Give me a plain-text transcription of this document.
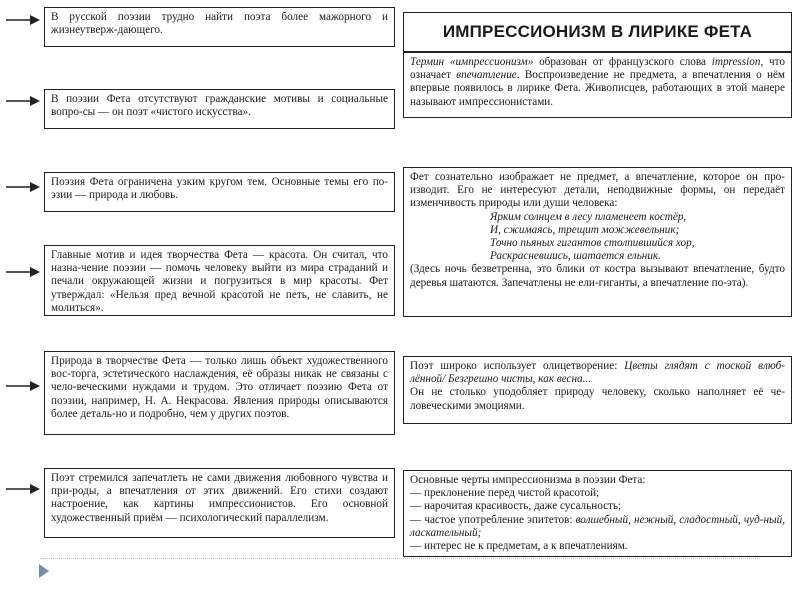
В русской поэзии трудно найти поэта более мажорного и жизнеутверж-дающего.
В поэзии Фета отсутствуют гражданские мотивы и социальные вопро-сы — он поэт «чистого искусства».
Поэзия Фета ограничена узким кругом тем. Основные темы его по-эзии — природа и любовь.
Главные мотив и идея творчества Фета — красота. Он считал, что назна-чение поэзии — помочь человеку выйти из мира страданий и печали окружающей жизни и погрузиться в мир красоты. Фет утверждал: «Нельзя пред вечной красотой не петь, не славить, не молиться».
Природа в творчестве Фета — только лишь объект художественного вос-торга, эстетического наслаждения, её образы никак не связаны с чело-веческими нуждами и трудом. Это отличает поэзию Фета от поэзии, например, Н. А. Некрасова. Явления природы описываются более деталь-но и подробно, чем у других поэтов.
Поэт стремился запечатлеть не сами движения любовного чувства и при-роды, а впечатления от этих движений. Его стихи создают настроение, как картины импрессионистов. Его основной художественный приём — психологический параллелизм.
ИМПРЕССИОНИЗМ В ЛИРИКЕ ФЕТА
Термин «импрессионизм» образован от французского слова impression, что означает впечатление. Воспроизведение не предмета, а впечатления о нём впервые появилось в лирике Фета. Живописцев, работающих в этой манере называют импрессионистами.
Фет сознательно изображает не предмет, а впечатление, которое он про-изводит. Его не интересуют детали, неподвижные формы, он передаёт изменчивость природы или души человека:
Ярким солнцем в лесу пламенеет костёр,
И, сжимаясь, трещит можжевельник;
Точно пьяных гигантов столпившийся хор,
Раскрасневшись, шатается ельник.
(Здесь ночь безветренна, это блики от костра вызывают впечатление, будто деревья шатаются. Запечатлены не ели-гиганты, а впечатление по-эта).
Поэт широко использует олицетворение: Цветы глядят с тоской влюб-лённой/ Безгрешно чисты, как весна...
Он не столько уподобляет природу человеку, сколько наполняет её че-ловеческими эмоциями.
Основные черты импрессионизма в поэзии Фета:
— преклонение перед чистой красотой;
— нарочитая красивость, даже сусальность;
— частое употребление эпитетов: волшебный, нежный, сладостный, чуд-ный, ласкательный;
— интерес не к предметам, а к впечатлениям.
